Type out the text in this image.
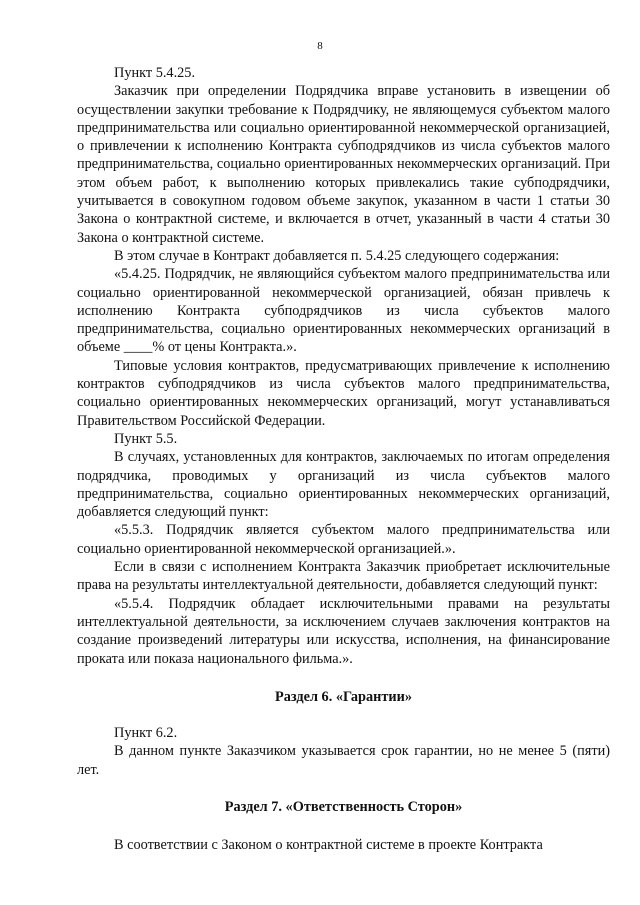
8

Пункт 5.4.25.

Заказчик при определении Подрядчика вправе установить в извещении об осуществлении закупки требование к Подрядчику, не являющемуся субъектом малого предпринимательства или социально ориентированной некоммерческой организацией, о привлечении к исполнению Контракта субподрядчиков из числа субъектов малого предпринимательства, социально ориентированных некоммерческих организаций. При этом объем работ, к выполнению которых привлекались такие субподрядчики, учитывается в совокупном годовом объеме закупок, указанном в части 1 статьи 30 Закона о контрактной системе, и включается в отчет, указанный в части 4 статьи 30 Закона о контрактной системе.

В этом случае в Контракт добавляется п. 5.4.25 следующего содержания:

«5.4.25. Подрядчик, не являющийся субъектом малого предпринимательства или социально ориентированной некоммерческой организацией, обязан привлечь к исполнению Контракта субподрядчиков из числа субъектов малого предпринимательства, социально ориентированных некоммерческих организаций в объеме ____% от цены Контракта.».

Типовые условия контрактов, предусматривающих привлечение к исполнению контрактов субподрядчиков из числа субъектов малого предпринимательства, социально ориентированных некоммерческих организаций, могут устанавливаться Правительством Российской Федерации.

Пункт 5.5.

В случаях, установленных для контрактов, заключаемых по итогам определения подрядчика, проводимых у организаций из числа субъектов малого предпринимательства, социально ориентированных некоммерческих организаций, добавляется следующий пункт:

«5.5.3. Подрядчик является субъектом малого предпринимательства или социально ориентированной некоммерческой организацией.».

Если в связи с исполнением Контракта Заказчик приобретает исключительные права на результаты интеллектуальной деятельности, добавляется следующий пункт:

«5.5.4. Подрядчик обладает исключительными правами на результаты интеллектуальной деятельности, за исключением случаев заключения контрактов на создание произведений литературы или искусства, исполнения, на финансирование проката или показа национального фильма.».

Раздел 6. «Гарантии»

Пункт 6.2.

В данном пункте Заказчиком указывается срок гарантии, но не менее 5 (пяти) лет.

Раздел 7. «Ответственность Сторон»

В соответствии с Законом о контрактной системе в проекте Контракта
